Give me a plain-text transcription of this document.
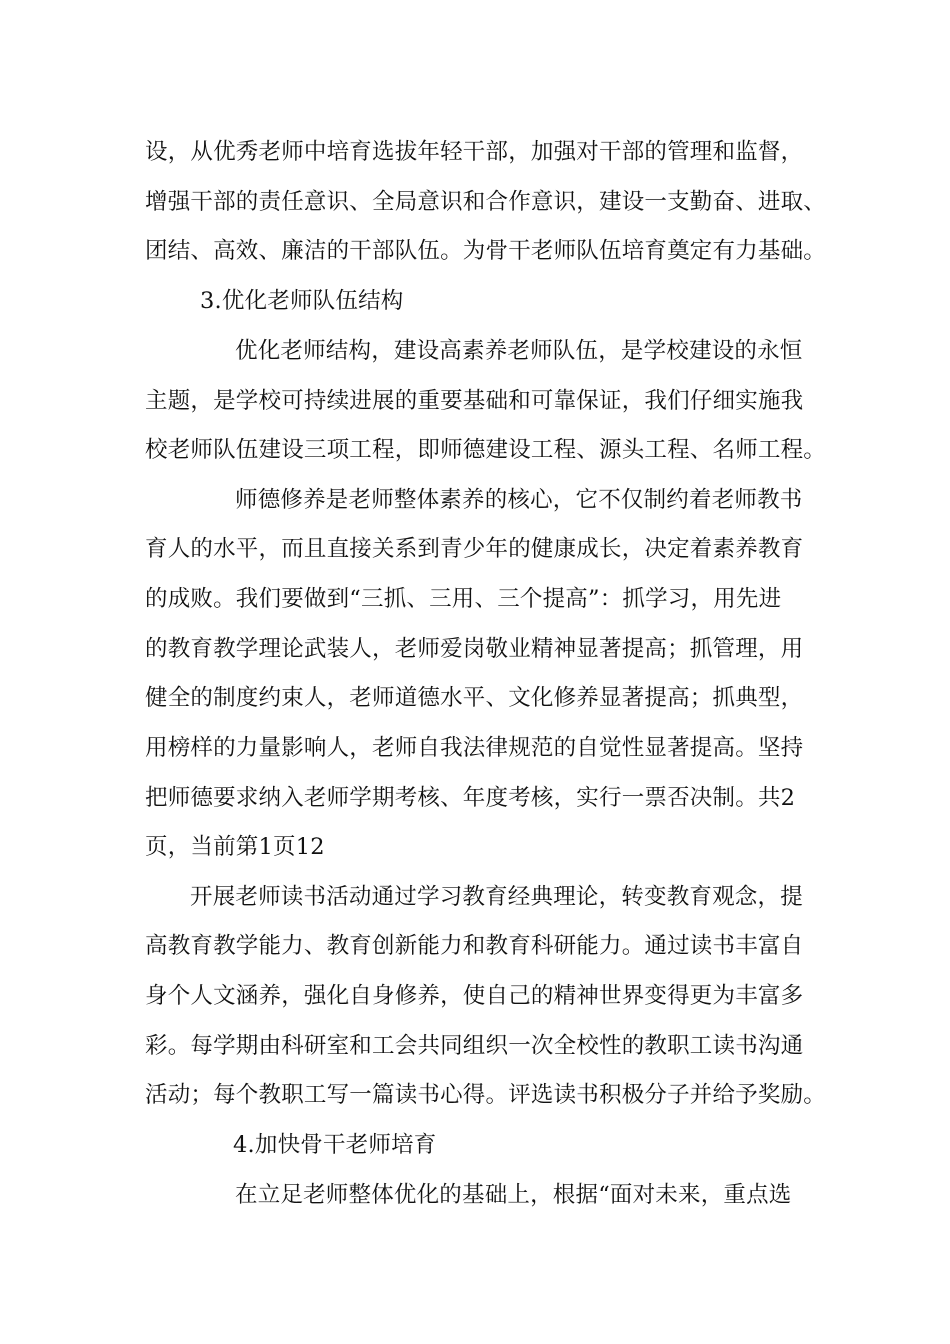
设，从优秀老师中培育选拔年轻干部，加强对干部的管理和监督，
增强干部的责任意识、全局意识和合作意识，建设一支勤奋、进取、
团结、高效、廉洁的干部队伍。为骨干老师队伍培育奠定有力基础。
3.优化老师队伍结构
优化老师结构，建设高素养老师队伍，是学校建设的永恒
主题，是学校可持续进展的重要基础和可靠保证，我们仔细实施我
校老师队伍建设三项工程，即师德建设工程、源头工程、名师工程。
师德修养是老师整体素养的核心，它不仅制约着老师教书
育人的水平，而且直接关系到青少年的健康成长，决定着素养教育
的成败。我们要做到“三抓、三用、三个提高”：抓学习，用先进
的教育教学理论武装人，老师爱岗敬业精神显著提高；抓管理，用
健全的制度约束人，老师道德水平、文化修养显著提高；抓典型，
用榜样的力量影响人，老师自我法律规范的自觉性显著提高。坚持
把师德要求纳入老师学期考核、年度考核，实行一票否决制。共2
页，当前第1页12
开展老师读书活动通过学习教育经典理论，转变教育观念，提
高教育教学能力、教育创新能力和教育科研能力。通过读书丰富自
身个人文涵养，强化自身修养，使自己的精神世界变得更为丰富多
彩。每学期由科研室和工会共同组织一次全校性的教职工读书沟通
活动；每个教职工写一篇读书心得。评选读书积极分子并给予奖励。
4.加快骨干老师培育
在立足老师整体优化的基础上，根据“面对未来，重点选
